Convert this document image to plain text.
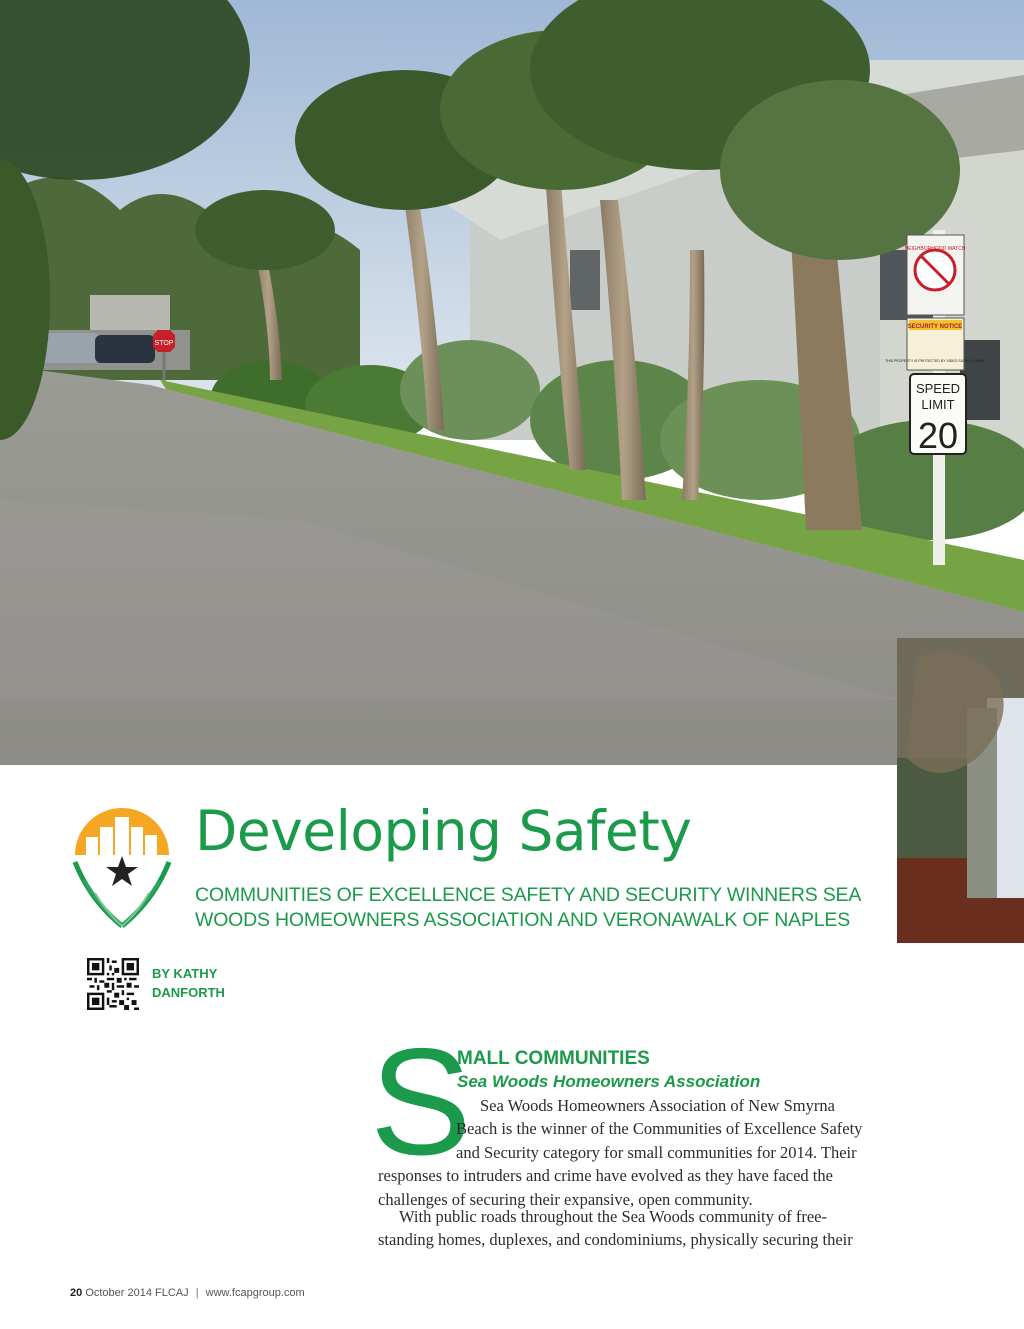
STOP
NEIGHBORHOOD WATCH
SECURITY NOTICE
THIS PROPERTY IS PROTECTED BY VIDEO SURVEILLANCE
SPEED
LIMIT
20
Developing Safety
COMMUNITIES OF EXCELLENCE SAFETY AND SECURITY WINNERS SEA WOODS HOMEOWNERS ASSOCIATION AND VERONAWALK OF NAPLES
BY KATHY
DANFORTH
S
MALL COMMUNITIES
Sea Woods Homeowners Association
Sea Woods Homeowners Association of New Smyrna
Beach is the winner of the Communities of Excellence Safety
and Security category for small communities for 2014. Their
responses to intruders and crime have evolved as they have faced the
challenges of securing their expansive, open community.
With public roads throughout the Sea Woods community of free-
standing homes, duplexes, and condominiums, physically securing their
20 October 2014 FLCAJ | www.fcapgroup.com
